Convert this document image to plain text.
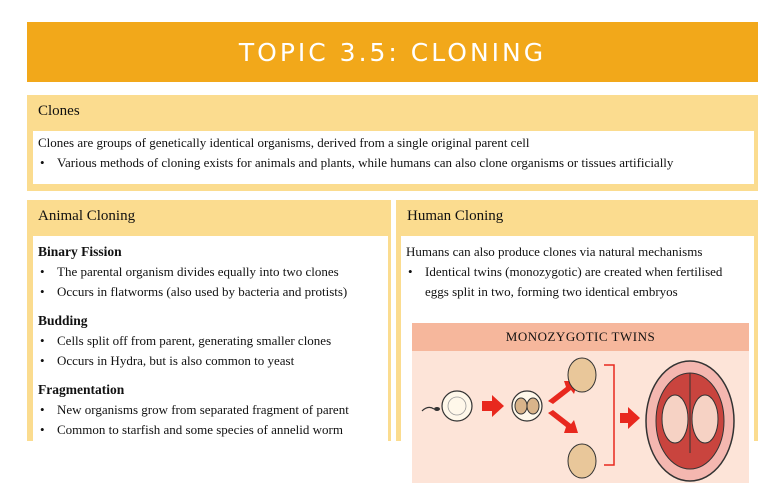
TOPIC 3.5: CLONING
Clones
Clones are groups of genetically identical organisms, derived from a single original parent cell
• Various methods of cloning exists for animals and plants, while humans can also clone organisms or tissues artificially
Animal Cloning
Binary Fission
• The parental organism divides equally into two clones
• Occurs in flatworms (also used by bacteria and protists)
Budding
• Cells split off from parent, generating smaller clones
• Occurs in Hydra, but is also common to yeast
Fragmentation
• New organisms grow from separated fragment of parent
• Common to starfish and some species of annelid worm
Human Cloning
Humans can also produce clones via natural mechanisms
• Identical twins (monozygotic) are created when fertilised eggs split in two, forming two identical embryos
MONOZYGOTIC TWINS
